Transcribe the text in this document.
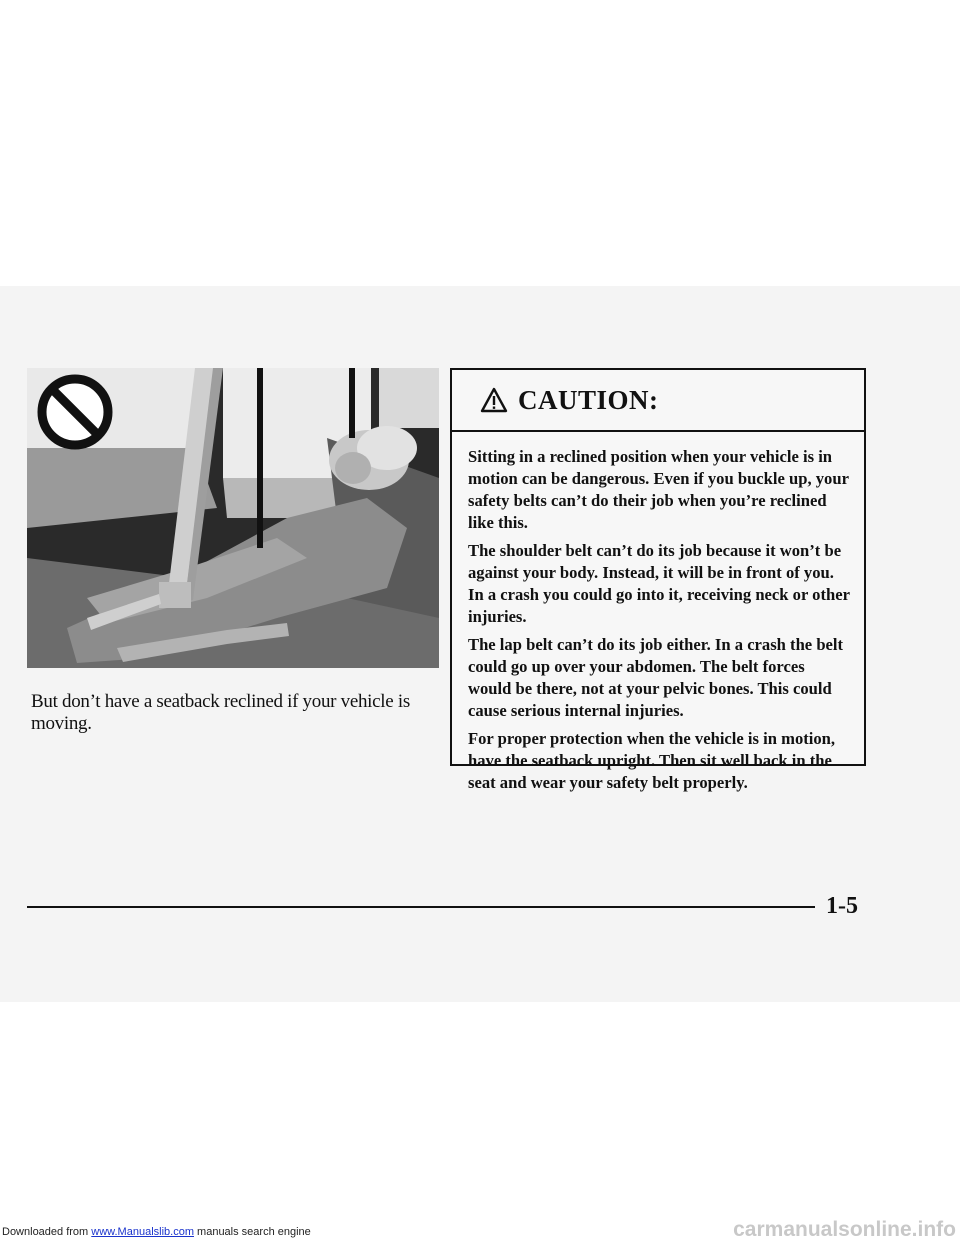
But don’t have a seatback reclined if your vehicle is moving.
CAUTION:

Sitting in a reclined position when your vehicle is in motion can be dangerous. Even if you buckle up, your safety belts can’t do their job when you’re reclined like this.

The shoulder belt can’t do its job because it won’t be against your body. Instead, it will be in front of you. In a crash you could go into it, receiving neck or other injuries.

The lap belt can’t do its job either. In a crash the belt could go up over your abdomen. The belt forces would be there, not at your pelvic bones. This could cause serious internal injuries.

For proper protection when the vehicle is in motion, have the seatback upright. Then sit well back in the seat and wear your safety belt properly.

1-5
Downloaded from www.Manualslib.com manuals search engine	carmanualsonline.info
